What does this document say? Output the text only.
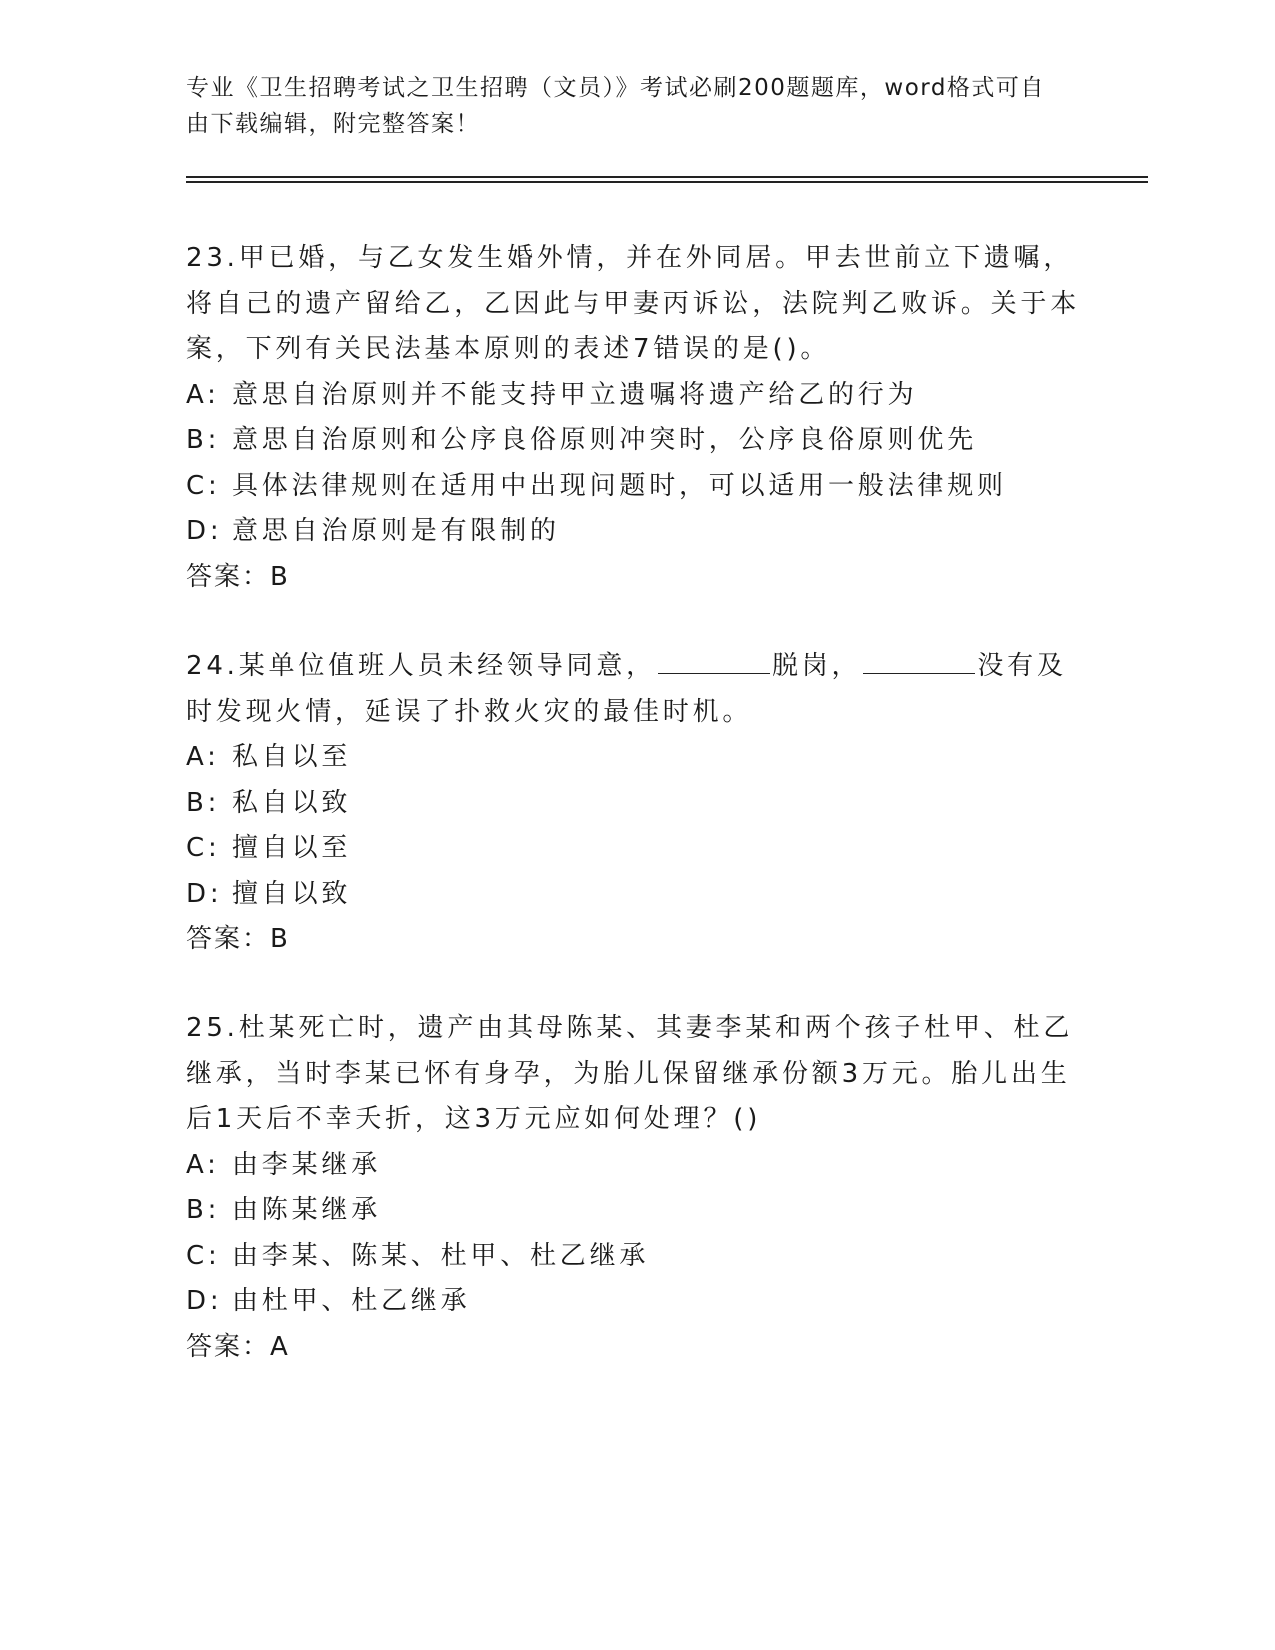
专业《卫生招聘考试之卫生招聘（文员）》考试必刷200题题库，word格式可自由下载编辑，附完整答案！

23.甲已婚，与乙女发生婚外情，并在外同居。甲去世前立下遗嘱，将自己的遗产留给乙，乙因此与甲妻丙诉讼，法院判乙败诉。关于本案，下列有关民法基本原则的表述7错误的是()。

A: 意思自治原则并不能支持甲立遗嘱将遗产给乙的行为
B: 意思自治原则和公序良俗原则冲突时，公序良俗原则优先
C: 具体法律规则在适用中出现问题时，可以适用一般法律规则
D: 意思自治原则是有限制的
答案：B

24.某单位值班人员未经领导同意，	脱岗，	没有及时发现火情，延误了扑救火灾的最佳时机。

A: 私自以至
B: 私自以致
C: 擅自以至
D: 擅自以致
答案：B

25.杜某死亡时，遗产由其母陈某、其妻李某和两个孩子杜甲、杜乙继承，当时李某已怀有身孕，为胎儿保留继承份额3万元。胎儿出生后1天后不幸夭折，这3万元应如何处理？()

A: 由李某继承
B: 由陈某继承
C: 由李某、陈某、杜甲、杜乙继承
D: 由杜甲、杜乙继承
答案：A
